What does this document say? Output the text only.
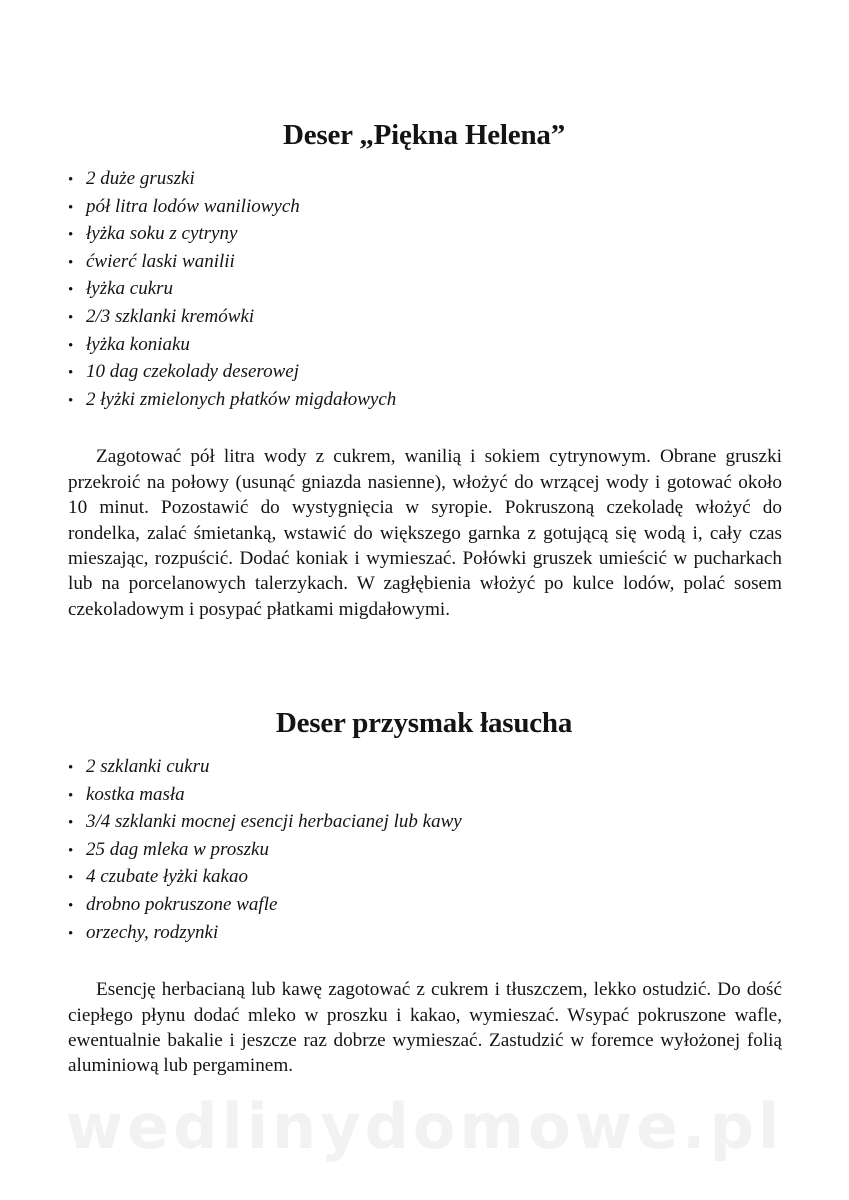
Deser „Piękna Helena”
• 2 duże gruszki
• pół litra lodów waniliowych
• łyżka soku z cytryny
• ćwierć laski wanilii
• łyżka cukru
• 2/3 szklanki kremówki
• łyżka koniaku
• 10 dag czekolady deserowej
• 2 łyżki zmielonych płatków migdałowych

Zagotować pół litra wody z cukrem, wanilią i sokiem cytrynowym. Obrane gruszki przekroić na połowy (usunąć gniazda nasienne), włożyć do wrzącej wody i gotować około 10 minut. Pozostawić do wystygnięcia w syropie. Pokruszoną czekoladę włożyć do rondelka, zalać śmietanką, wstawić do większego garnka z gotującą się wodą i, cały czas mieszając, rozpuścić. Dodać koniak i wymieszać. Połówki gruszek umieścić w pucharkach lub na porcelanowych talerzykach. W zagłębienia włożyć po kulce lodów, polać sosem czekoladowym i posypać płatkami migdałowymi.

Deser przysmak łasucha
• 2 szklanki cukru
• kostka masła
• 3/4 szklanki mocnej esencji herbacianej lub kawy
• 25 dag mleka w proszku
• 4 czubate łyżki kakao
• drobno pokruszone wafle
• orzechy, rodzynki

Esencję herbacianą lub kawę zagotować z cukrem i tłuszczem, lekko ostudzić. Do dość ciepłego płynu dodać mleko w proszku i kakao, wymieszać. Wsypać pokruszone wafle, ewentualnie bakalie i jeszcze raz dobrze wymieszać. Zastudzić w foremce wyłożonej folią aluminiową lub pergaminem.

wedlinydomowe.pl
